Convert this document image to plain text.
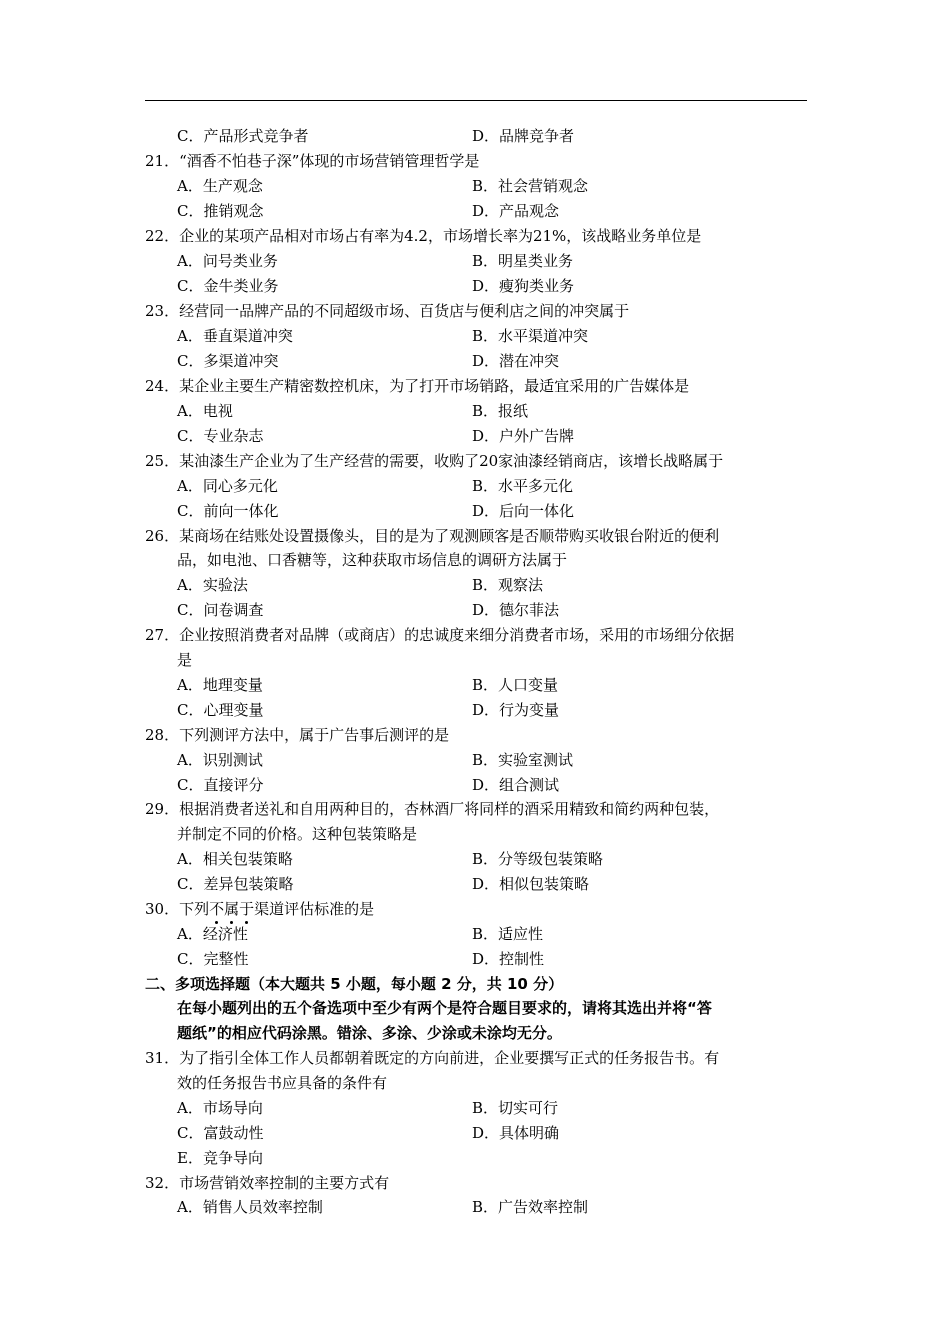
C．产品形式竞争者	D．品牌竞争者
21．“酒香不怕巷子深”体现的市场营销管理哲学是
A．生产观念	B．社会营销观念
C．推销观念	D．产品观念
22．企业的某项产品相对市场占有率为4.2，市场增长率为21%，该战略业务单位是
A．问号类业务	B．明星类业务
C．金牛类业务	D．瘦狗类业务
23．经营同一品牌产品的不同超级市场、百货店与便利店之间的冲突属于
A．垂直渠道冲突	B．水平渠道冲突
C．多渠道冲突	D．潜在冲突
24．某企业主要生产精密数控机床，为了打开市场销路，最适宜采用的广告媒体是
A．电视	B．报纸
C．专业杂志	D．户外广告牌
25．某油漆生产企业为了生产经营的需要，收购了20家油漆经销商店，该增长战略属于
A．同心多元化	B．水平多元化
C．前向一体化	D．后向一体化
26．某商场在结账处设置摄像头，目的是为了观测顾客是否顺带购买收银台附近的便利
品，如电池、口香糖等，这种获取市场信息的调研方法属于
A．实验法	B．观察法
C．问卷调查	D．德尔菲法
27．企业按照消费者对品牌（或商店）的忠诚度来细分消费者市场，采用的市场细分依据
是
A．地理变量	B．人口变量
C．心理变量	D．行为变量
28．下列测评方法中，属于广告事后测评的是
A．识别测试	B．实验室测试
C．直接评分	D．组合测试
29．根据消费者送礼和自用两种目的，杏林酒厂将同样的酒采用精致和简约两种包装，
并制定不同的价格。这种包装策略是
A．相关包装策略	B．分等级包装策略
C．差异包装策略	D．相似包装策略
30．下列不
属
于
渠道评估标准的是
A．经济性	B．适应性
C．完整性	D．控制性
二、多项选择题（本大题共 5 小题，每小题 2 分，共 10 分）
在每小题列出的五个备选项中至少有两个是符合题目要求的，请将其选出并将“答
题纸”的相应代码涂黑。错涂、多涂、少涂或未涂均无分。
31．为了指引全体工作人员都朝着既定的方向前进，企业要撰写正式的任务报告书。有
效的任务报告书应具备的条件有
A．市场导向	B．切实可行
C．富鼓动性	D．具体明确
E．竞争导向
32．市场营销效率控制的主要方式有
A．销售人员效率控制	B．广告效率控制
